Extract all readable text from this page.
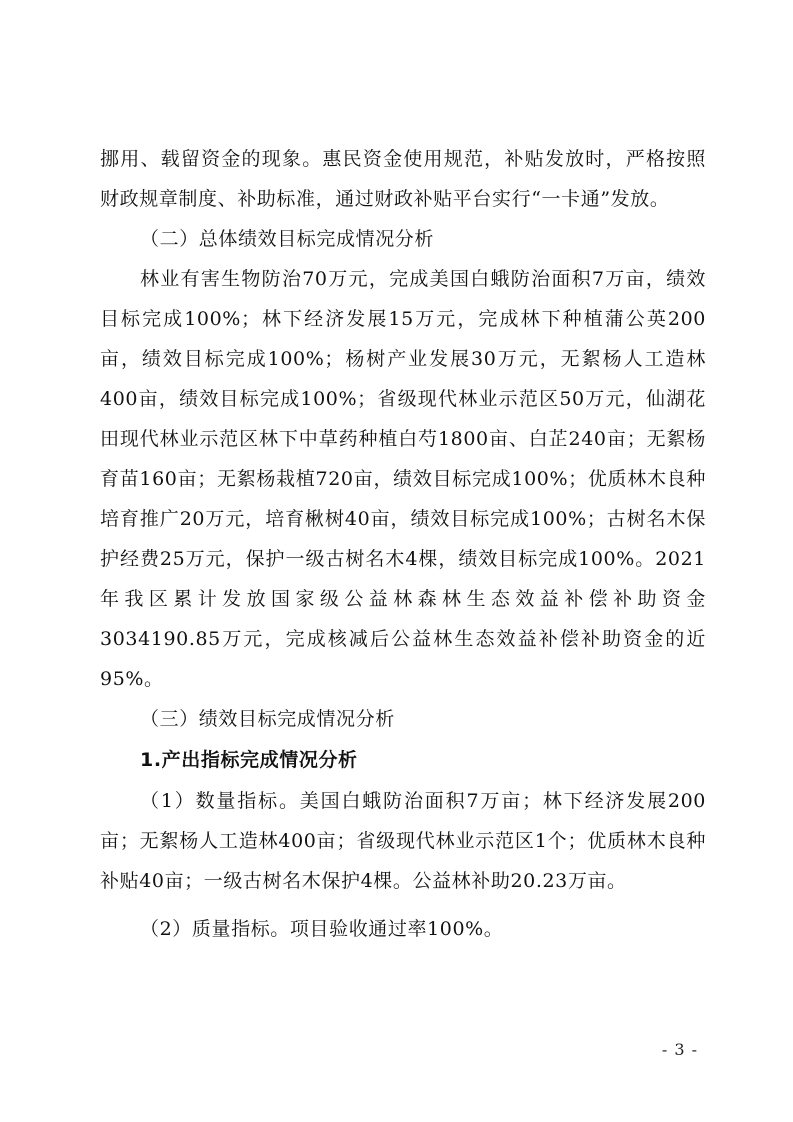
挪用、载留资金的现象。惠民资金使用规范，补贴发放时，严格按照财政规章制度、补助标准，通过财政补贴平台实行“一卡通”发放。

（二）总体绩效目标完成情况分析

林业有害生物防治70万元，完成美国白蛾防治面积7万亩，绩效目标完成100%；林下经济发展15万元，完成林下种植蒲公英200亩，绩效目标完成100%；杨树产业发展30万元，无絮杨人工造林400亩，绩效目标完成100%；省级现代林业示范区50万元，仙湖花田现代林业示范区林下中草药种植白芍1800亩、白芷240亩；无絮杨育苗160亩；无絮杨栽植720亩，绩效目标完成100%；优质林木良种培育推广20万元，培育楸树40亩，绩效目标完成100%；古树名木保护经费25万元，保护一级古树名木4棵，绩效目标完成100%。2021年我区累计发放国家级公益林森林生态效益补偿补助资金3034190.85万元，完成核减后公益林生态效益补偿补助资金的近95%。

（三）绩效目标完成情况分析

1.产出指标完成情况分析

（1）数量指标。美国白蛾防治面积7万亩；林下经济发展200亩；无絮杨人工造林400亩；省级现代林业示范区1个；优质林木良种补贴40亩；一级古树名木保护4棵。公益林补助20.23万亩。

（2）质量指标。项目验收通过率100%。

- 3 -
